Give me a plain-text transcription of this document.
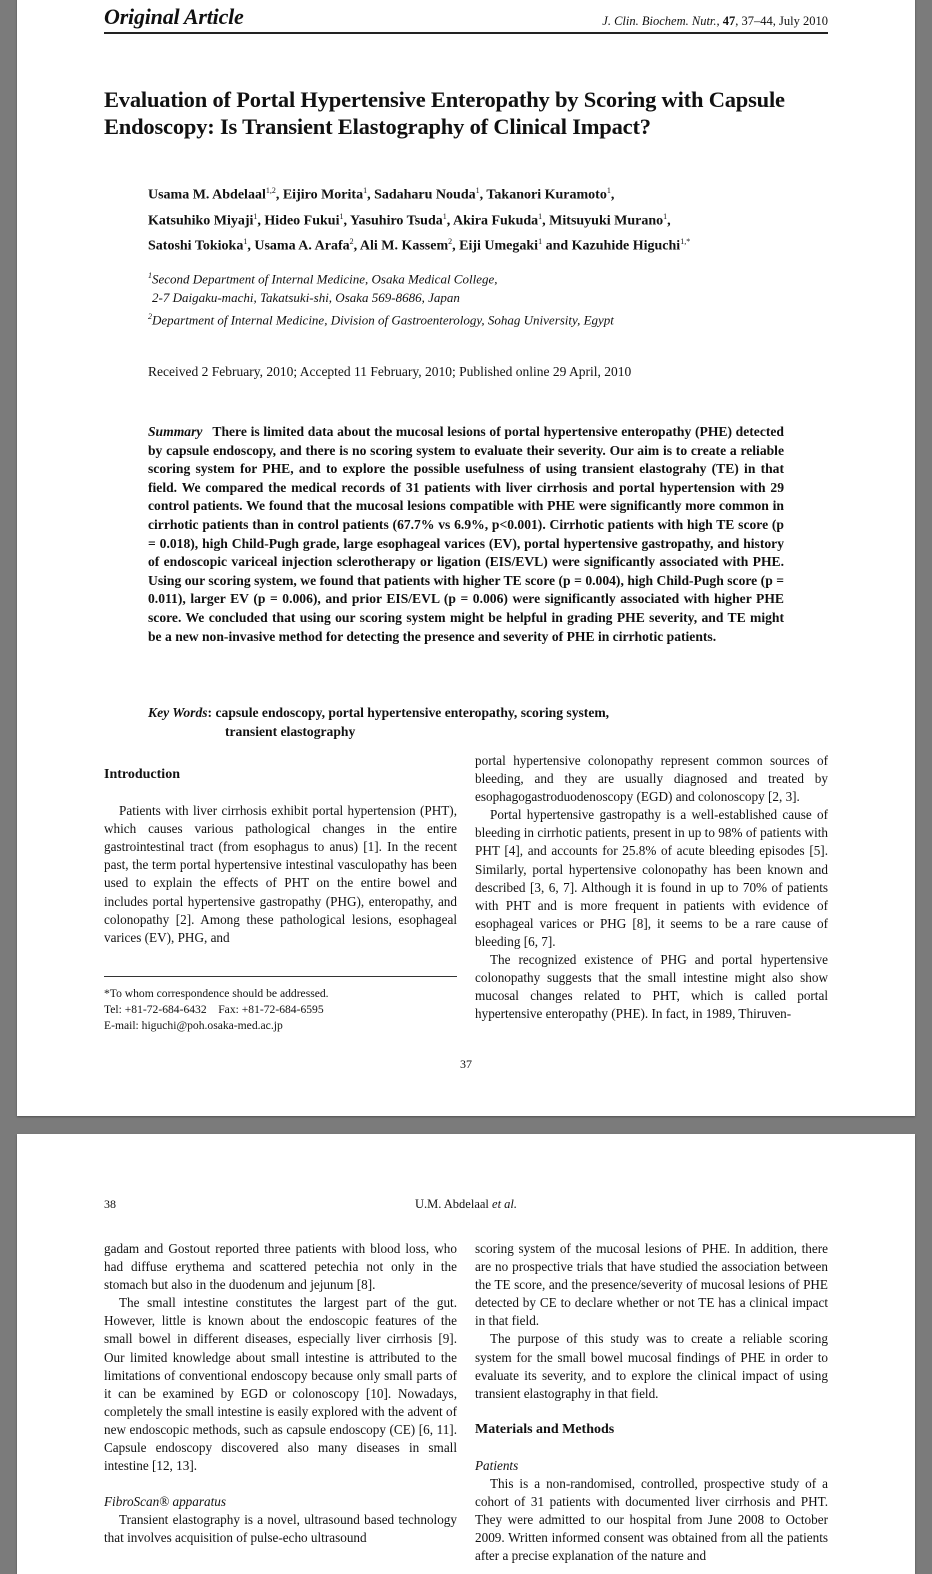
Original Article	J. Clin. Biochem. Nutr., 47, 37–44, July 2010
Evaluation of Portal Hypertensive Enteropathy by Scoring with Capsule Endoscopy: Is Transient Elastography of Clinical Impact?
Usama M. Abdelaal$^{1,2}$, Eijiro Morita$^1$, Sadaharu Nouda$^1$, Takanori Kuramoto$^1$,
Katsuhiko Miyaji$^1$, Hideo Fukui$^1$, Yasuhiro Tsuda$^1$, Akira Fukuda$^1$, Mitsuyuki Murano$^1$,
Satoshi Tokioka$^1$, Usama A. Arafa$^2$, Ali M. Kassem$^2$, Eiji Umegaki$^1$ and Kazuhide Higuchi$^{1,*}$
$^1$Second Department of Internal Medicine, Osaka Medical College,
2-7 Daigaku-machi, Takatsuki-shi, Osaka 569-8686, Japan
$^2$Department of Internal Medicine, Division of Gastroenterology, Sohag University, Egypt
Received 2 February, 2010; Accepted 11 February, 2010; Published online 29 April, 2010
Summary There is limited data about the mucosal lesions of portal hypertensive enteropathy (PHE) detected by capsule endoscopy, and there is no scoring system to evaluate their severity. Our aim is to create a reliable scoring system for PHE, and to explore the possible usefulness of using transient elastograhy (TE) in that field. We compared the medical records of 31 patients with liver cirrhosis and portal hypertension with 29 control patients. We found that the mucosal lesions compatible with PHE were significantly more common in cirrhotic patients than in control patients (67.7% vs 6.9%, p<0.001). Cirrhotic patients with high TE score (p = 0.018), high Child-Pugh grade, large esophageal varices (EV), portal hypertensive gastropathy, and history of endoscopic variceal injection sclerotherapy or ligation (EIS/EVL) were significantly associated with PHE. Using our scoring system, we found that patients with higher TE score (p = 0.004), high Child-Pugh score (p = 0.011), larger EV (p = 0.006), and prior EIS/EVL (p = 0.006) were significantly associated with higher PHE score. We concluded that using our scoring system might be helpful in grading PHE severity, and TE might be a new non-invasive method for detecting the presence and severity of PHE in cirrhotic patients.
Key Words: capsule endoscopy, portal hypertensive enteropathy, scoring system,
transient elastography

Introduction

Patients with liver cirrhosis exhibit portal hypertension (PHT), which causes various pathological changes in the entire gastrointestinal tract (from esophagus to anus) [1]. In the recent past, the term portal hypertensive intestinal vasculopathy has been used to explain the effects of PHT on the entire bowel and includes portal hypertensive gastropathy (PHG), enteropathy, and colonopathy [2]. Among these pathological lesions, esophageal varices (EV), PHG, and

portal hypertensive colonopathy represent common sources of bleeding, and they are usually diagnosed and treated by esophagogastroduodenoscopy (EGD) and colonoscopy [2, 3].

Portal hypertensive gastropathy is a well-established cause of bleeding in cirrhotic patients, present in up to 98% of patients with PHT [4], and accounts for 25.8% of acute bleeding episodes [5]. Similarly, portal hypertensive colonopathy has been known and described [3, 6, 7]. Although it is found in up to 70% of patients with PHT and is more frequent in patients with evidence of esophageal varices or PHG [8], it seems to be a rare cause of bleeding [6, 7].

The recognized existence of PHG and portal hypertensive colonopathy suggests that the small intestine might also show mucosal changes related to PHT, which is called portal hypertensive enteropathy (PHE). In fact, in 1989, Thiruven-

*To whom correspondence should be addressed.
Tel: +81-72-684-6432    Fax: +81-72-684-6595
E-mail: higuchi@poh.osaka-med.ac.jp
37
38	U.M. Abdelaal et al.

gadam and Gostout reported three patients with blood loss, who had diffuse erythema and scattered petechia not only in the stomach but also in the duodenum and jejunum [8].

The small intestine constitutes the largest part of the gut. However, little is known about the endoscopic features of the small bowel in different diseases, especially liver cirrhosis [9]. Our limited knowledge about small intestine is attributed to the limitations of conventional endoscopy because only small parts of it can be examined by EGD or colonoscopy [10]. Nowadays, completely the small intestine is easily explored with the advent of new endoscopic methods, such as capsule endoscopy (CE) [6, 11]. Capsule endoscopy discovered also many diseases in small intestine [12, 13].

FibroScan® apparatus

Transient elastography is a novel, ultrasound based technology that involves acquisition of pulse-echo ultrasound

scoring system of the mucosal lesions of PHE. In addition, there are no prospective trials that have studied the association between the TE score, and the presence/severity of mucosal lesions of PHE detected by CE to declare whether or not TE has a clinical impact in that field.

The purpose of this study was to create a reliable scoring system for the small bowel mucosal findings of PHE in order to evaluate its severity, and to explore the clinical impact of using transient elastography in that field.

Materials and Methods

Patients

This is a non-randomised, controlled, prospective study of a cohort of 31 patients with documented liver cirrhosis and PHT. They were admitted to our hospital from June 2008 to October 2009. Written informed consent was obtained from all the patients after a precise explanation of the nature and
